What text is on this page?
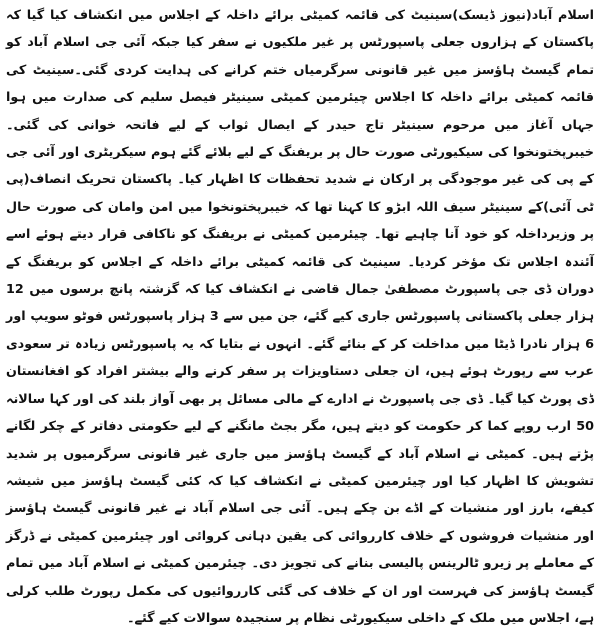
اسلام آباد(نیوز ڈیسک)سینیٹ کی قائمہ کمیٹی برائے داخلہ کے اجلاس میں انکشاف کیا گیا کہ پاکستان کے ہزاروں جعلی پاسپورٹس پر غیر ملکیوں نے سفر کیا جبکہ آئی جی اسلام آباد کو تمام گیسٹ ہاؤسز میں غیر قانونی سرگرمیاں ختم کرانے کی ہدایت کردی گئی۔سینیٹ کی قائمہ کمیٹی برائے داخلہ کا اجلاس چیئرمین کمیٹی سینیٹر فیصل سلیم کی صدارت میں ہوا جہاں آغاز میں مرحوم سینیٹر تاج حیدر کے ایصال ثواب کے لیے فاتحہ خوانی کی گئی۔ خیبرپختونخوا کی سیکیورٹی صورت حال پر بریفنگ کے لیے بلائے گئے ہوم سیکریٹری اور آئی جی کے پی کی غیر موجودگی پر ارکان نے شدید تحفظات کا اظہار کیا۔ پاکستان تحریک انصاف(پی ٹی آئی)کے سینیٹر سیف اللہ ابڑو کا کہنا تھا کہ خیبرپختونخوا میں امن وامان کی صورت حال پر وزیرداخلہ کو خود آنا چاہیے تھا۔ چیئرمین کمیٹی نے بریفنگ کو ناکافی قرار دیتے ہوئے اسے آئندہ اجلاس تک مؤخر کردیا۔ سینیٹ کی قائمہ کمیٹی برائے داخلہ کے اجلاس کو بریفنگ کے دوران ڈی جی پاسپورٹ مصطفیٰ جمال قاضی نے انکشاف کیا کہ گزشتہ پانچ برسوں میں 12 ہزار جعلی پاکستانی پاسپورٹس جاری کیے گئے، جن میں سے 3 ہزار پاسپورٹس فوٹو سویپ اور 6 ہزار نادرا ڈیٹا میں مداخلت کر کے بنائے گئے۔ انہوں نے بتایا کہ یہ پاسپورٹس زیادہ تر سعودی عرب سے رپورٹ ہوئے ہیں، ان جعلی دستاویزات پر سفر کرنے والے بیشتر افراد کو افغانستان ڈی پورٹ کیا گیا۔ ڈی جی پاسپورٹ نے ادارے کے مالی مسائل پر بھی آواز بلند کی اور کہا سالانہ 50 ارب روپے کما کر حکومت کو دیتے ہیں، مگر بجٹ مانگنے کے لیے حکومتی دفاتر کے چکر لگانے پڑتے ہیں۔ کمیٹی نے اسلام آباد کے گیسٹ ہاؤسز میں جاری غیر قانونی سرگرمیوں پر شدید تشویش کا اظہار کیا اور چیئرمین کمیٹی نے انکشاف کیا کہ کئی گیسٹ ہاؤسز میں شیشہ کیفے، بارز اور منشیات کے اڈے بن چکے ہیں۔ آئی جی اسلام آباد نے غیر قانونی گیسٹ ہاؤسز اور منشیات فروشوں کے خلاف کارروائی کی یقین دہانی کروائی اور چیئرمین کمیٹی نے ڈرگز کے معاملے پر زیرو ٹالرینس پالیسی بنانے کی تجویز دی۔ چیئرمین کمیٹی نے اسلام آباد میں تمام گیسٹ ہاؤسز کی فہرست اور ان کے خلاف کی گئی کارروائیوں کی مکمل رپورٹ طلب کرلی ہے، اجلاس میں ملک کے داخلی سیکیورٹی نظام پر سنجیدہ سوالات کیے گئے۔
